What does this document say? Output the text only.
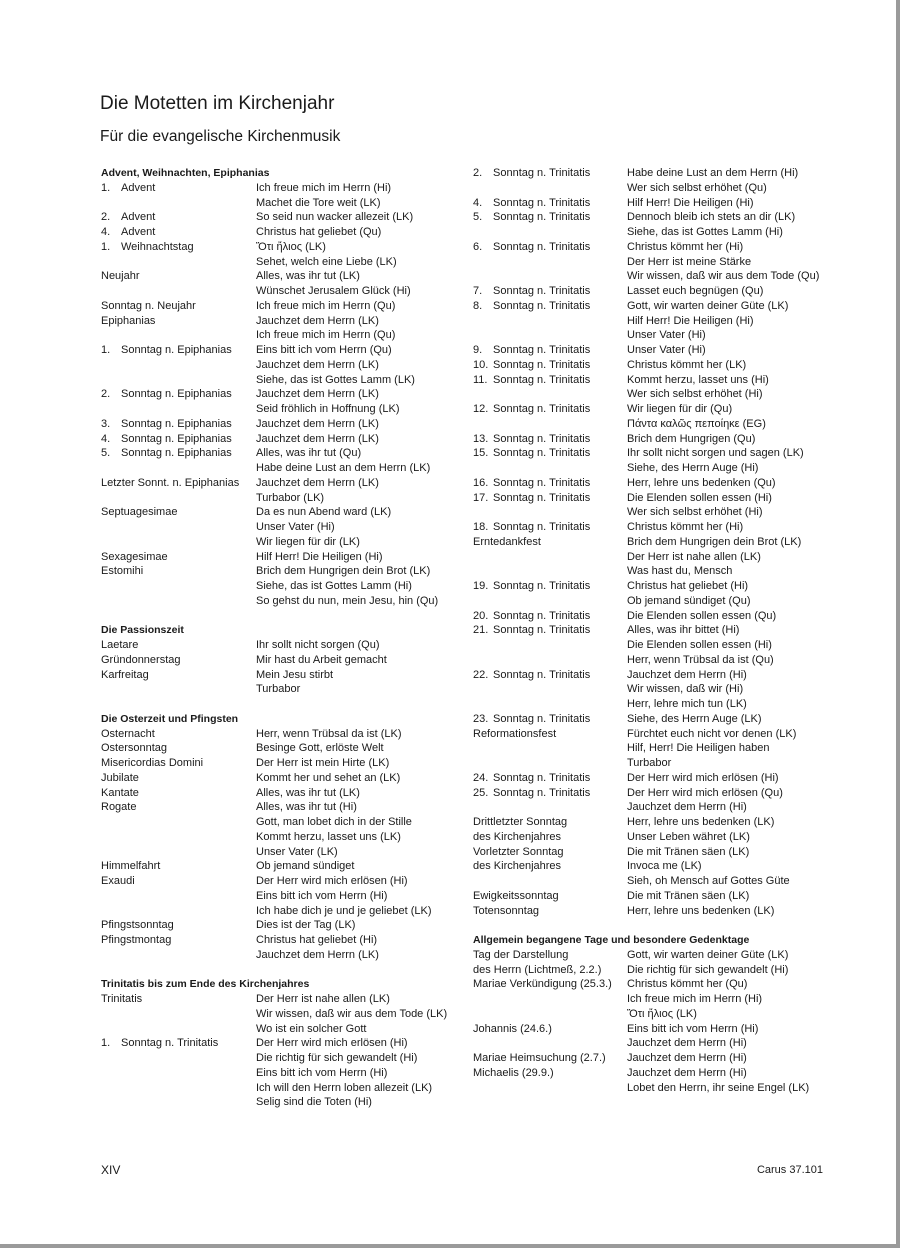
Die Motetten im Kirchenjahr
Für die evangelische Kirchenmusik
Advent, Weihnachten, Epiphanias
1. Advent	Ich freue mich im Herrn (Hi)
Machet die Tore weit (LK)
2. Advent	So seid nun wacker allezeit (LK)
4. Advent	Christus hat geliebet (Qu)
1. Weihnachtstag	Ὅτι ἤλιος (LK)
Sehet, welch eine Liebe (LK)
Neujahr	Alles, was ihr tut (LK)
Wünschet Jerusalem Glück (Hi)
Sonntag n. Neujahr	Ich freue mich im Herrn (Qu)
Epiphanias	Jauchzet dem Herrn (LK)
Ich freue mich im Herrn (Qu)
1. Sonntag n. Epiphanias	Eins bitt ich vom Herrn (Qu)
Jauchzet dem Herrn (LK)
Siehe, das ist Gottes Lamm (LK)
2. Sonntag n. Epiphanias	Jauchzet dem Herrn (LK)
Seid fröhlich in Hoffnung (LK)
3. Sonntag n. Epiphanias	Jauchzet dem Herrn (LK)
4. Sonntag n. Epiphanias	Jauchzet dem Herrn (LK)
5. Sonntag n. Epiphanias	Alles, was ihr tut (Qu)
Habe deine Lust an dem Herrn (LK)
Letzter Sonnt. n. Epiphanias	Jauchzet dem Herrn (LK)
Turbabor (LK)
Septuagesimae	Da es nun Abend ward (LK)
Unser Vater (Hi)
Wir liegen für dir (LK)
Sexagesimae	Hilf Herr! Die Heiligen (Hi)
Estomihi	Brich dem Hungrigen dein Brot (LK)
Siehe, das ist Gottes Lamm (Hi)
So gehst du nun, mein Jesu, hin (Qu)
Die Passionszeit
Laetare	Ihr sollt nicht sorgen (Qu)
Gründonnerstag	Mir hast du Arbeit gemacht
Karfreitag	Mein Jesu stirbt
Turbabor
Die Osterzeit und Pfingsten
Osternacht	Herr, wenn Trübsal da ist (LK)
Ostersonntag	Besinge Gott, erlöste Welt
Misericordias Domini	Der Herr ist mein Hirte (LK)
Jubilate	Kommt her und sehet an (LK)
Kantate	Alles, was ihr tut (LK)
Rogate	Alles, was ihr tut (Hi)
Gott, man lobet dich in der Stille
Kommt herzu, lasset uns (LK)
Unser Vater (LK)
Himmelfahrt	Ob jemand sündiget
Exaudi	Der Herr wird mich erlösen (Hi)
Eins bitt ich vom Herrn (Hi)
Ich habe dich je und je geliebet (LK)
Pfingstsonntag	Dies ist der Tag (LK)
Pfingstmontag	Christus hat geliebet (Hi)
Jauchzet dem Herrn (LK)
Trinitatis bis zum Ende des Kirchenjahres
Trinitatis	Der Herr ist nahe allen (LK)
Wir wissen, daß wir aus dem Tode (LK)
Wo ist ein solcher Gott
1. Sonntag n. Trinitatis	Der Herr wird mich erlösen (Hi)
Die richtig für sich gewandelt (Hi)
Eins bitt ich vom Herrn (Hi)
Ich will den Herrn loben allezeit (LK)
Selig sind die Toten (Hi)
2. Sonntag n. Trinitatis	Habe deine Lust an dem Herrn (Hi)
Wer sich selbst erhöhet (Qu)
4. Sonntag n. Trinitatis	Hilf Herr! Die Heiligen (Hi)
5. Sonntag n. Trinitatis	Dennoch bleib ich stets an dir (LK)
Siehe, das ist Gottes Lamm (Hi)
6. Sonntag n. Trinitatis	Christus kömmt her (Hi)
Der Herr ist meine Stärke
Wir wissen, daß wir aus dem Tode (Qu)
7. Sonntag n. Trinitatis	Lasset euch begnügen (Qu)
8. Sonntag n. Trinitatis	Gott, wir warten deiner Güte (LK)
Hilf Herr! Die Heiligen (Hi)
Unser Vater (Hi)
9. Sonntag n. Trinitatis	Unser Vater (Hi)
10. Sonntag n. Trinitatis	Christus kömmt her (LK)
11. Sonntag n. Trinitatis	Kommt herzu, lasset uns (Hi)
Wer sich selbst erhöhet (Hi)
12. Sonntag n. Trinitatis	Wir liegen für dir (Qu)
Πάντα καλῶς πεποίηκε (EG)
13. Sonntag n. Trinitatis	Brich dem Hungrigen (Qu)
15. Sonntag n. Trinitatis	Ihr sollt nicht sorgen und sagen (LK)
Siehe, des Herrn Auge (Hi)
16. Sonntag n. Trinitatis	Herr, lehre uns bedenken (Qu)
17. Sonntag n. Trinitatis	Die Elenden sollen essen (Hi)
Wer sich selbst erhöhet (Hi)
18. Sonntag n. Trinitatis	Christus kömmt her (Hi)
Erntedankfest	Brich dem Hungrigen dein Brot (LK)
Der Herr ist nahe allen (LK)
Was hast du, Mensch
19. Sonntag n. Trinitatis	Christus hat geliebet (Hi)
Ob jemand sündiget (Qu)
20. Sonntag n. Trinitatis	Die Elenden sollen essen (Qu)
21. Sonntag n. Trinitatis	Alles, was ihr bittet (Hi)
Die Elenden sollen essen (Hi)
Herr, wenn Trübsal da ist (Qu)
22. Sonntag n. Trinitatis	Jauchzet dem Herrn (Hi)
Wir wissen, daß wir (Hi)
Herr, lehre mich tun (LK)
23. Sonntag n. Trinitatis	Siehe, des Herrn Auge (LK)
Reformationsfest	Fürchtet euch nicht vor denen (LK)
Hilf, Herr! Die Heiligen haben
Turbabor
24. Sonntag n. Trinitatis	Der Herr wird mich erlösen (Hi)
25. Sonntag n. Trinitatis	Der Herr wird mich erlösen (Qu)
Jauchzet dem Herrn (Hi)
Drittletzter Sonntag	Herr, lehre uns bedenken (LK)
des Kirchenjahres	Unser Leben währet (LK)
Vorletzter Sonntag	Die mit Tränen säen (LK)
des Kirchenjahres	Invoca me (LK)
Sieh, oh Mensch auf Gottes Güte
Ewigkeitssonntag	Die mit Tränen säen (LK)
Totensonntag	Herr, lehre uns bedenken (LK)
Allgemein begangene Tage und besondere Gedenktage
Tag der Darstellung	Gott, wir warten deiner Güte (LK)
des Herrn (Lichtmeß, 2.2.)	Die richtig für sich gewandelt (Hi)
Mariae Verkündigung (25.3.)	Christus kömmt her (Qu)
Ich freue mich im Herrn (Hi)
Ὅτι ἤλιος (LK)
Johannis (24.6.)	Eins bitt ich vom Herrn (Hi)
Jauchzet dem Herrn (Hi)
Mariae Heimsuchung (2.7.)	Jauchzet dem Herrn (Hi)
Michaelis (29.9.)	Jauchzet dem Herrn (Hi)
Lobet den Herrn, ihr seine Engel (LK)
XIV	Carus 37.101
